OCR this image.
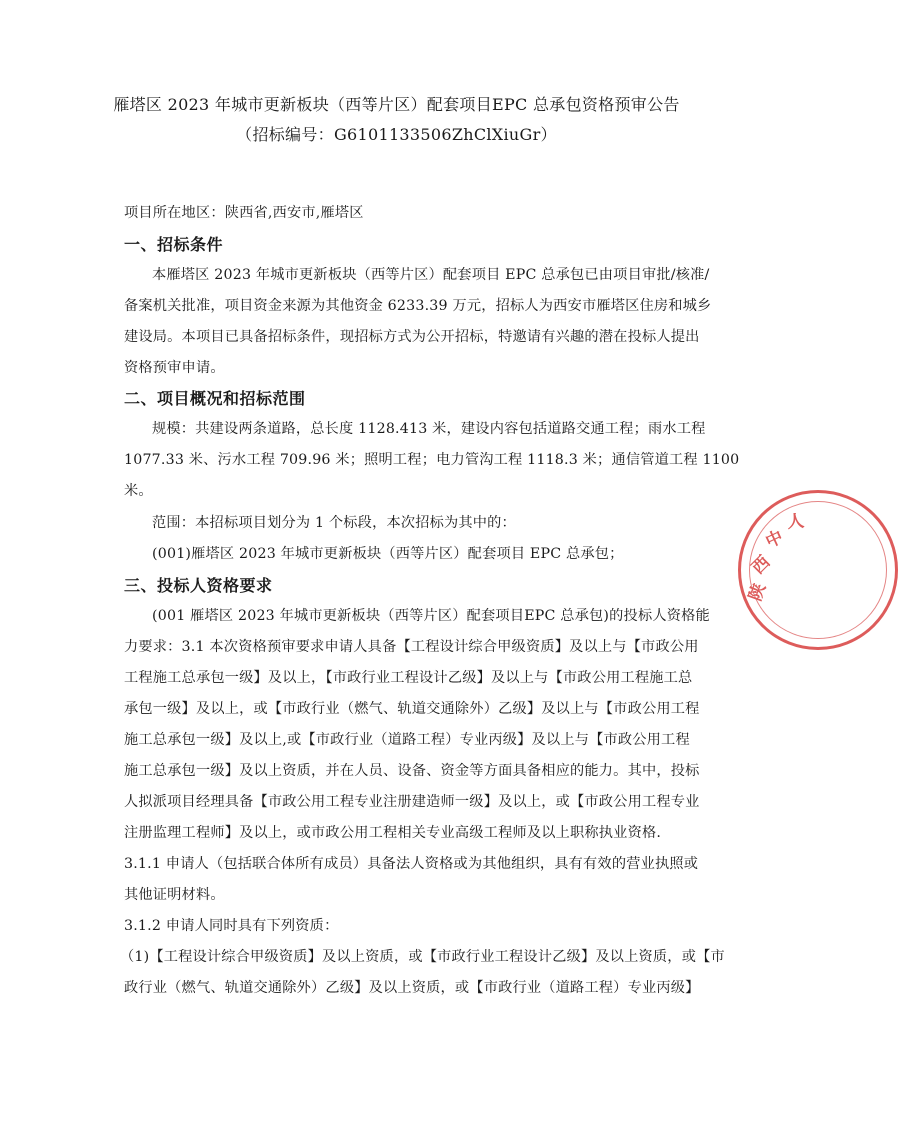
雁塔区 2023 年城市更新板块（西等片区）配套项目EPC 总承包资格预审公告
（招标编号：G6101133506ZhClXiuGr）
项目所在地区：陕西省,西安市,雁塔区
一、招标条件
本雁塔区 2023 年城市更新板块（西等片区）配套项目 EPC 总承包已由项目审批/核准/
备案机关批准，项目资金来源为其他资金 6233.39 万元，招标人为西安市雁塔区住房和城乡
建设局。本项目已具备招标条件，现招标方式为公开招标，特邀请有兴趣的潜在投标人提出
资格预审申请。
二、项目概况和招标范围
规模：共建设两条道路，总长度 1128.413 米，建设内容包括道路交通工程；雨水工程
1077.33 米、污水工程 709.96 米；照明工程；电力管沟工程 1118.3 米；通信管道工程 1100
米。
范围：本招标项目划分为 1 个标段，本次招标为其中的：
(001)雁塔区 2023 年城市更新板块（西等片区）配套项目 EPC 总承包；
三、投标人资格要求
(001 雁塔区 2023 年城市更新板块（西等片区）配套项目EPC 总承包)的投标人资格能
力要求：3.1 本次资格预审要求申请人具备【工程设计综合甲级资质】及以上与【市政公用
工程施工总承包一级】及以上，【市政行业工程设计乙级】及以上与【市政公用工程施工总
承包一级】及以上，或【市政行业（燃气、轨道交通除外）乙级】及以上与【市政公用工程
施工总承包一级】及以上,或【市政行业（道路工程）专业丙级】及以上与【市政公用工程
施工总承包一级】及以上资质，并在人员、设备、资金等方面具备相应的能力。其中，投标
人拟派项目经理具备【市政公用工程专业注册建造师一级】及以上，或【市政公用工程专业
注册监理工程师】及以上，或市政公用工程相关专业高级工程师及以上职称执业资格.
3.1.1 申请人（包括联合体所有成员）具备法人资格或为其他组织，具有有效的营业执照或
其他证明材料。
3.1.2 申请人同时具有下列资质：
（1)【工程设计综合甲级资质】及以上资质，或【市政行业工程设计乙级】及以上资质，或【市
政行业（燃气、轨道交通除外）乙级】及以上资质，或【市政行业（道路工程）专业丙级】
陕
西
中
人
